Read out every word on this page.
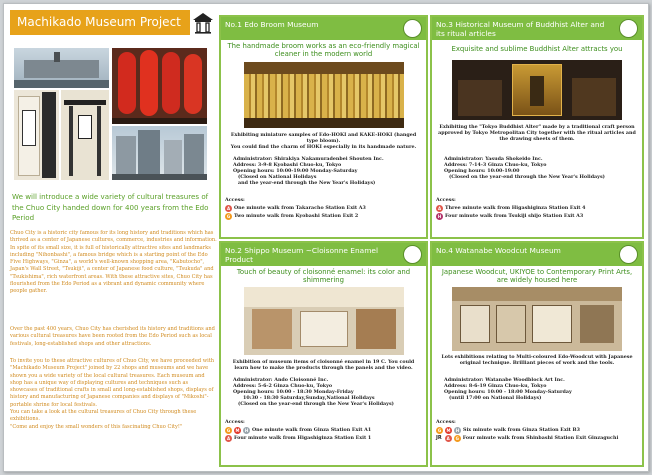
Machikado Museum Project
We will introduce a wide variety of cultural treasures of the Chuo City handed down for 400 years from the Edo Period
Chuo City is a historic city famous for its long history and traditions which has thrived as a center of Japanese cultures, commerce, industries and information. In spite of its small size, it is full of historically attractive sites and landmarks including "Nihonbashi", a famous bridge which is a starting point of the Edo Five Highways, "Ginza", a world's well-known shopping area, "Kabutocho", Japan's Wall Street, "Tsukiji", a center of Japanese food culture, "Tsukuda" and "Tsukishima", rich waterfront areas. With these attractive sites, Chuo City has flourished from the Edo Period as a vibrant and dynamic community where people gather.
Over the past 400 years, Chuo City has cherished its history and traditions and various cultural treasures have been rooted from the Edo Period such as local festivals, long-established shops and other attractions.
To invite you to these attractive cultures of Chuo City, we have proceeded with "Machikado Museum Project" joined by 22 shops and museums and we have shown you a wide variety of the local cultural treasures. Each museum and shop has a unique way of displaying cultures and techniques such as showcases of traditional crafts in small and long-established shops, displays of history and manufacturing of Japanese companies and displays of "Mikoshi"- portable shrine for local festivals.
You can take a look at the cultural treasures of Chuo City through these exhibitions.
"Come and enjoy the small wonders of this fascinating Chuo City!"
No.1 Edo Broom Museum
The handmade broom works as an eco-friendly magical cleaner in the modern world
Exhibiting miniature samples of Edo-HOKI and KAKE-HOKI (hanged type bloom).
You could find the charm of HOKI especially in its handmade nature.
Administrator: Shirakiya Nakamuradenbei Shouten Inc.
Address: 3-9-8 Kyobashi Chuo-ku, Tokyo
Opening hours: 10:00-19:00 Monday-Saturday
(Closed on National Holidays
and the year-end through the New Year's Holidays)
Access:
A One minute walk from Takaracho Station Exit A3
G Two minute walk from Kyobashi Station Exit 2
No.3 Historical Museum of Buddhist Alter and its ritual articles
Exquisite and sublime Buddhist Alter attracts you
Exhibiting the "Tokyo Buddhist Alter" made by a traditional craft person approved by Tokyo Metropolitan City together with the ritual articles and the drawing sheets of them.
Administrator: Yasuda Shokeido Inc.
Address: 7-14-3 Ginza Chuo-ku, Tokyo
Opening hours: 10:00-19:00
(Closed on the year-end through the New Year's Holidays)
Access:
A Three minute walk from Higashiginza Station Exit 4
H Four minute walk from Tsukiji shijo Station Exit A3
No.2 Shippo Museum ~Cloisonne Enamel Product
Touch of beauty of cloisonné enamel: its color and shimmering
Exhibition of museum items of cloisonné enamel in 19 C. You could learn how to make the products through the panels and the video.
Administrator: Ando Cloisonné Inc.
Address: 5-6-2 Ginza Chuo-ku, Tokyo
Opening hours: 10:00 - 18:30 Monday-Friday
10:30 - 18:30 Saturday,Sunday,National Holidays
(Closed on the year-end through the New Year's Holidays)
Access:
G	M	H One minute walk from Ginza Station Exit A1
A Four minute walk from Higashiginza Station Exit 1
No.4 Watanabe Woodcut Museum
Japanese Woodcut, UKIYOE to Contemporary Print Arts, are widely housed here
Lots exhibitions relating to Multi-coloured Edo-Woodcut with Japanese original technique. Brilliant pieces of work and the tools.
Administrator: Watanabe Woodblock Art Inc.
Address: 8-6-19 Ginza Chuo-ku, Tokyo
Opening hours: 10:00 - 18:00 Monday-Saturday
(until 17:00 on National Holidays)
Access:
G	M	H Six minute walk from Ginza Station Exit B3
JR	A	G Four minute walk from Shinbashi Station Exit Ginzaguchi
